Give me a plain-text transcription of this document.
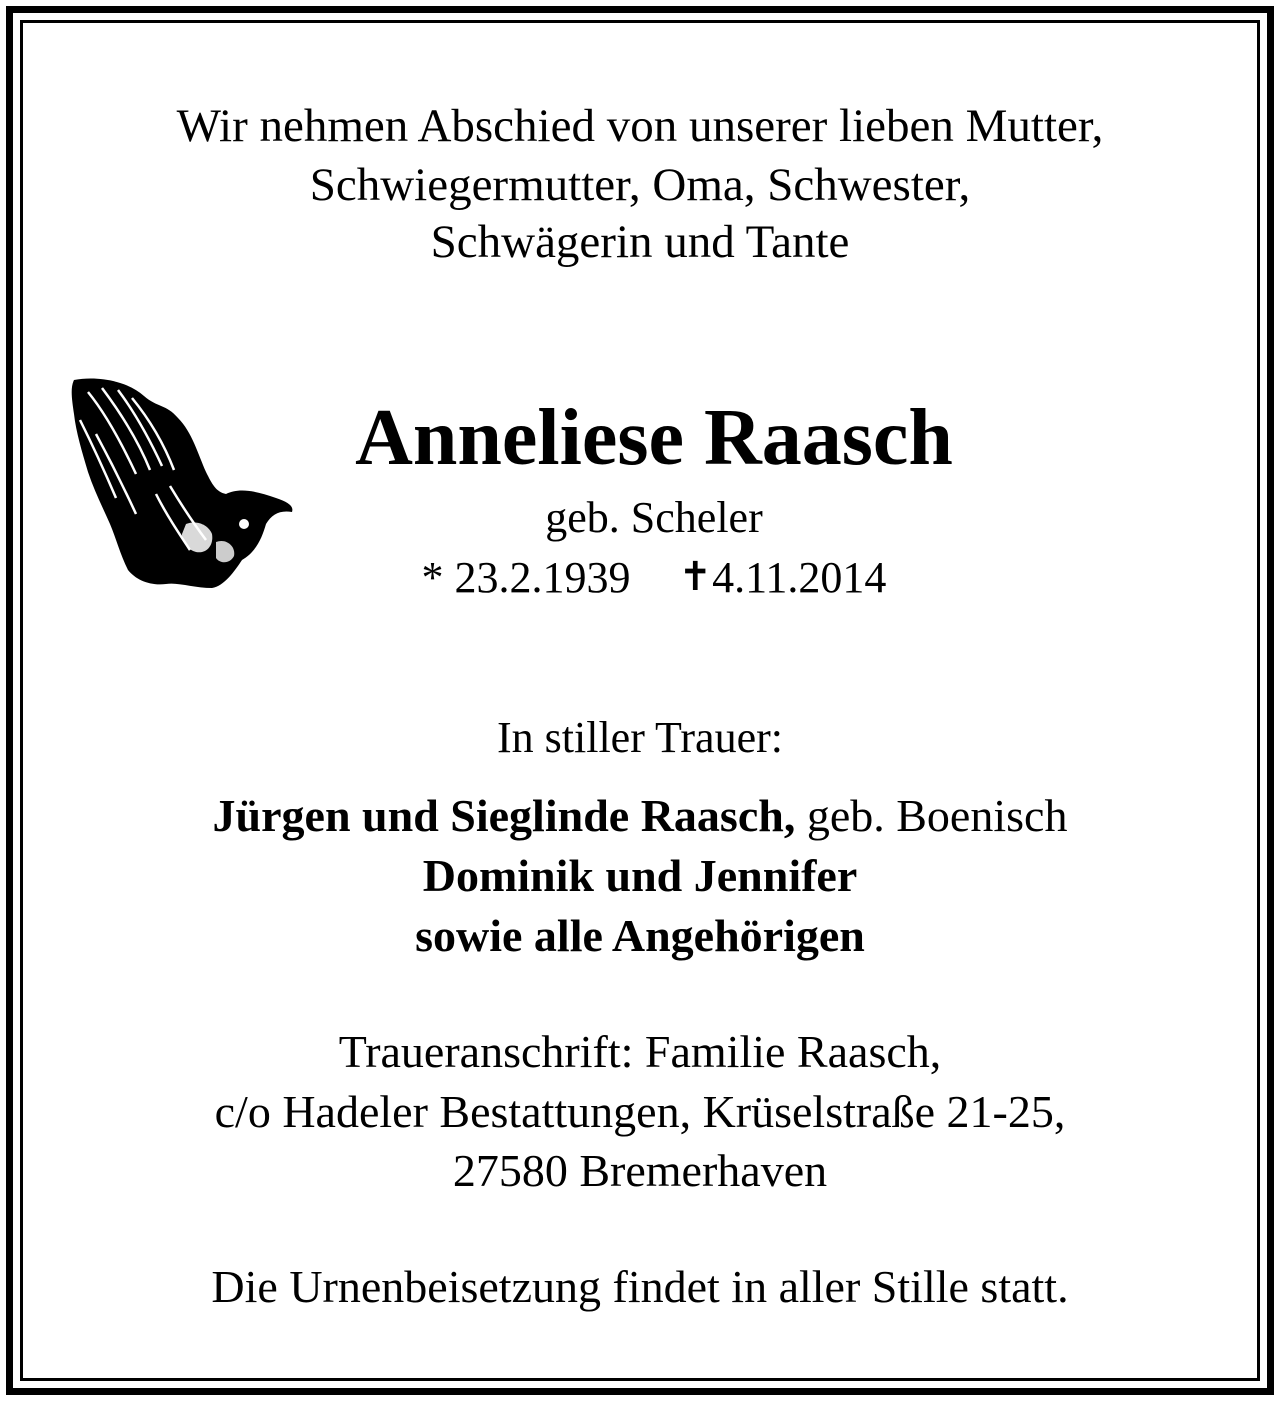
Wir nehmen Abschied von unserer lieben Mutter,
Schwiegermutter, Oma, Schwester,
Schwägerin und Tante
Anneliese Raasch
geb. Scheler
* 23.2.1939 ✝4.11.2014
In stiller Trauer:
Jürgen und Sieglinde Raasch, geb. Boenisch
Dominik und Jennifer
sowie alle Angehörigen
Traueranschrift: Familie Raasch,
c/o Hadeler Bestattungen, Krüselstraße 21-25,
27580 Bremerhaven
Die Urnenbeisetzung findet in aller Stille statt.
